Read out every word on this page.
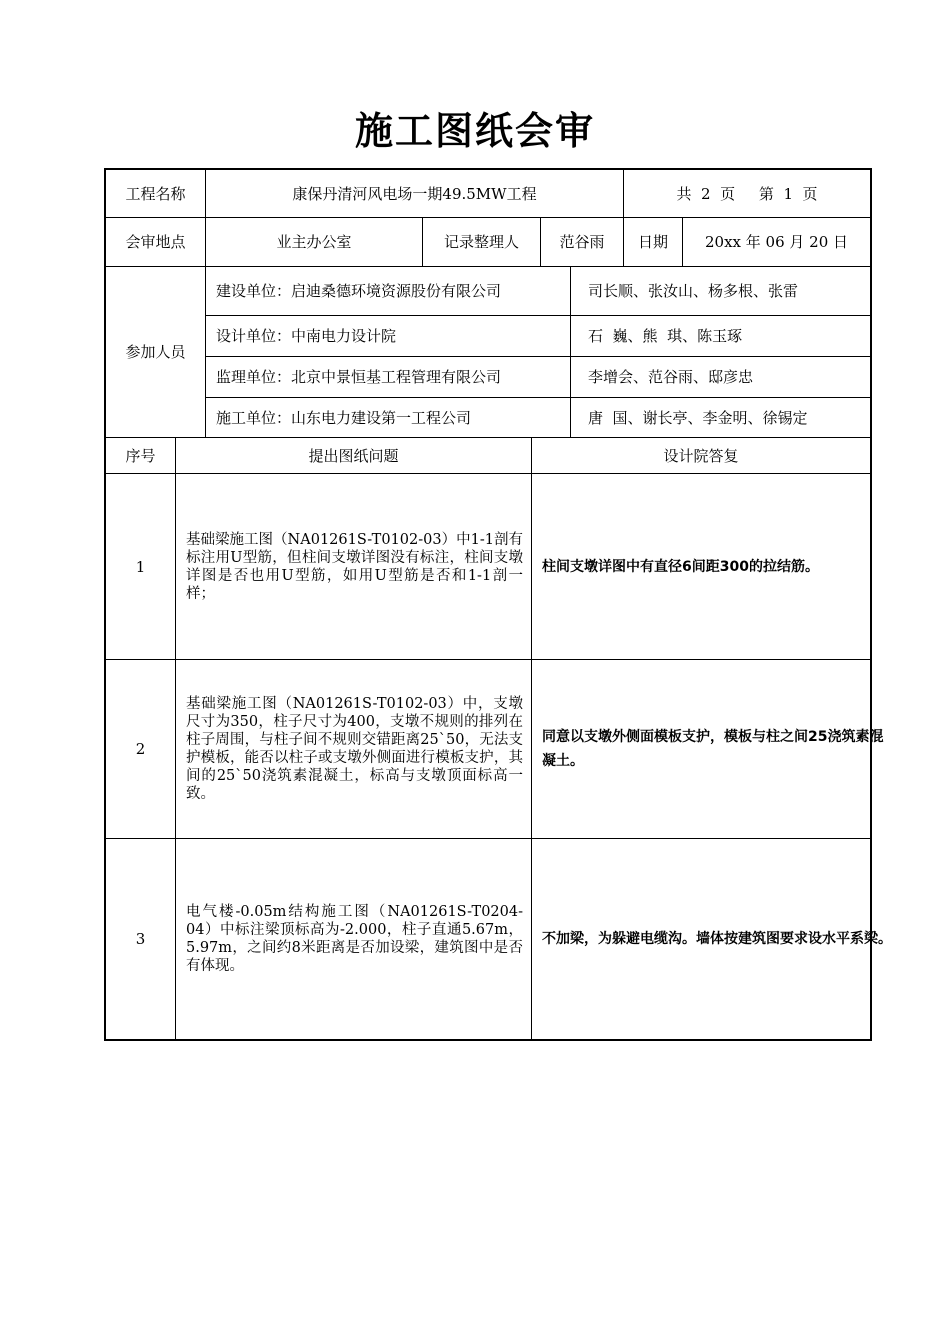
施工图纸会审
工程名称	康保丹清河风电场一期49.5MW工程	共  2  页     第  1  页
会审地点	业主办公室	记录整理人	范谷雨	日期	20xx 年 06 月 20 日
参加人员
建设单位：启迪桑德环境资源股份有限公司	司长顺、张汝山、杨多根、张雷
设计单位：中南电力设计院	石  巍、熊  琪、陈玉琢
监理单位：北京中景恒基工程管理有限公司	李增会、范谷雨、邸彦忠
施工单位：山东电力建设第一工程公司	唐  国、谢长亭、李金明、徐锡定
序号	提出图纸问题	设计院答复
1
基础梁施工图（NA01261S-T0102-03）中1-1剖有标注用U型筋，但柱间支墩详图没有标注，柱间支墩详图是否也用U型筋，如用U型筋是否和1-1剖一样；
柱间支墩详图中有直径6间距300的拉结筋。
2
基础梁施工图（NA01261S-T0102-03）中，支墩尺寸为350，柱子尺寸为400，支墩不规则的排列在柱子周围，与柱子间不规则交错距离25`50，无法支护模板，能否以柱子或支墩外侧面进行模板支护，其间的25`50浇筑素混凝土，标高与支墩顶面标高一致。
同意以支墩外侧面模板支护，模板与柱之间25浇筑素混凝土。
3
电气楼-0.05m结构施工图（NA01261S-T0204-04）中标注梁顶标高为-2.000，柱子直通5.67m，5.97m，之间约8米距离是否加设梁，建筑图中是否有体现。
不加梁，为躲避电缆沟。墙体按建筑图要求设水平系梁。
